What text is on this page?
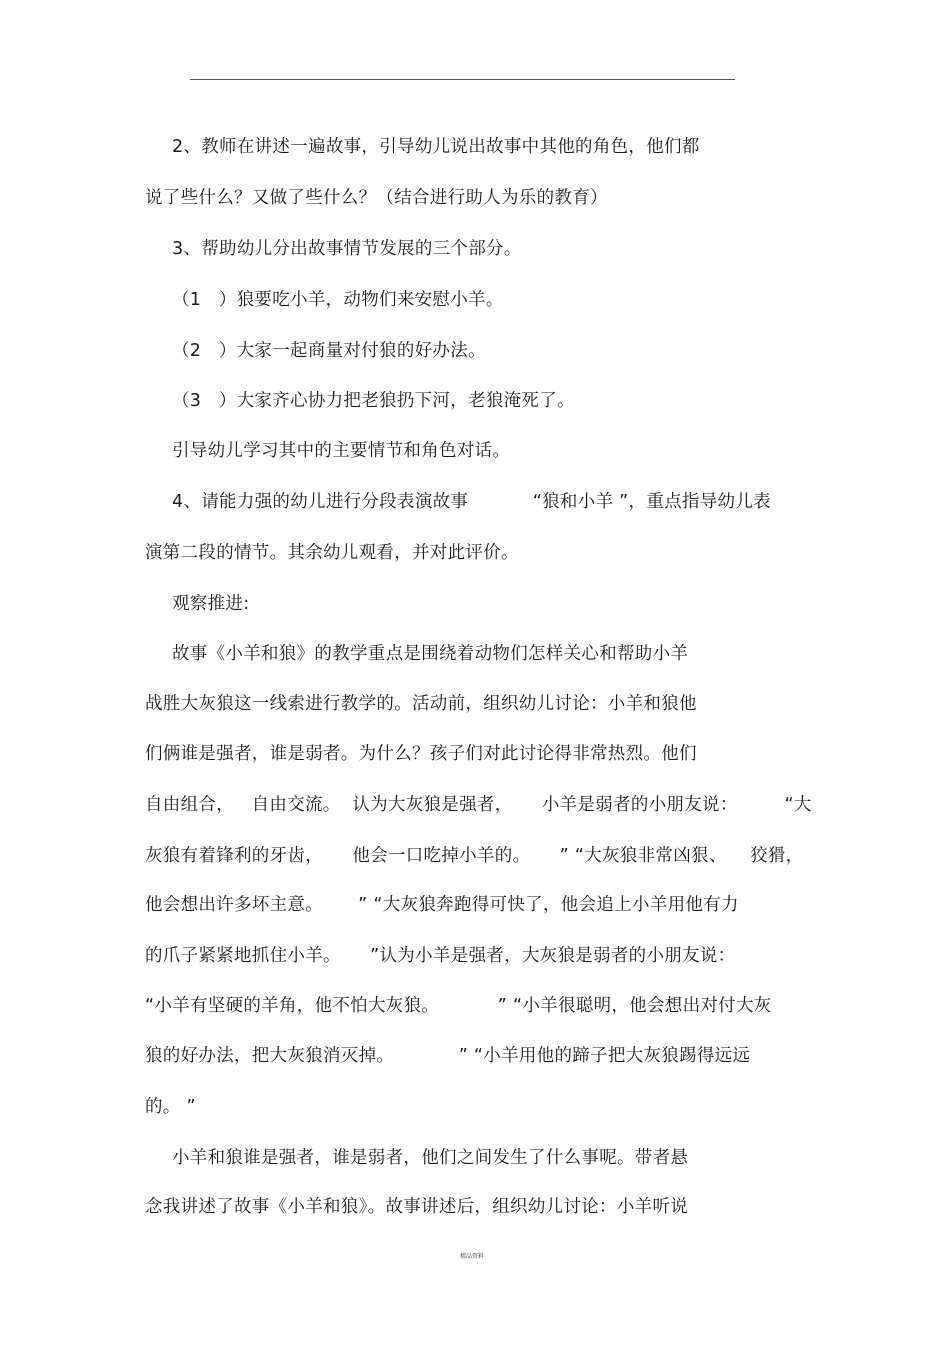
2、教师在讲述一遍故事，引导幼儿说出故事中其他的角色，他们都
说了些什么？又做了些什么？（结合进行助人为乐的教育）
3、帮助幼儿分出故事情节发展的三个部分。
（1   ）狼要吃小羊，动物们来安慰小羊。
（2   ）大家一起商量对付狼的好办法。
（3   ）大家齐心协力把老狼扔下河，老狼淹死了。
引导幼儿学习其中的主要情节和角色对话。
4、请能力强的幼儿进行分段表演故事           “狼和小羊 ”，重点指导幼儿表
演第二段的情节。其余幼儿观看，并对此评价。
观察推进:
故事《小羊和狼》的教学重点是围绕着动物们怎样关心和帮助小羊
战胜大灰狼这一线索进行教学的。活动前，组织幼儿讨论：小羊和狼他
们俩谁是强者，谁是弱者。为什么？孩子们对此讨论得非常热烈。他们
自由组合，   自由交流。  认为大灰狼是强者，     小羊是弱者的小朋友说：        “大
灰狼有着锋利的牙齿，     他会一口吃掉小羊的。     ” “大灰狼非常凶狠、    狡猾，
他会想出许多坏主意。      ” “大灰狼奔跑得可快了，他会追上小羊用他有力
的爪子紧紧地抓住小羊。     ”认为小羊是强者，大灰狼是弱者的小朋友说：
“小羊有坚硬的羊角，他不怕大灰狼。          ” “小羊很聪明，他会想出对付大灰
狼的好办法，把大灰狼消灭掉。           ” “小羊用他的蹄子把大灰狼踢得远远
的。 ”
小羊和狼谁是强者，谁是弱者，他们之间发生了什么事呢。带者悬
念我讲述了故事《小羊和狼》。故事讲述后，组织幼儿讨论：小羊听说
精品资料
